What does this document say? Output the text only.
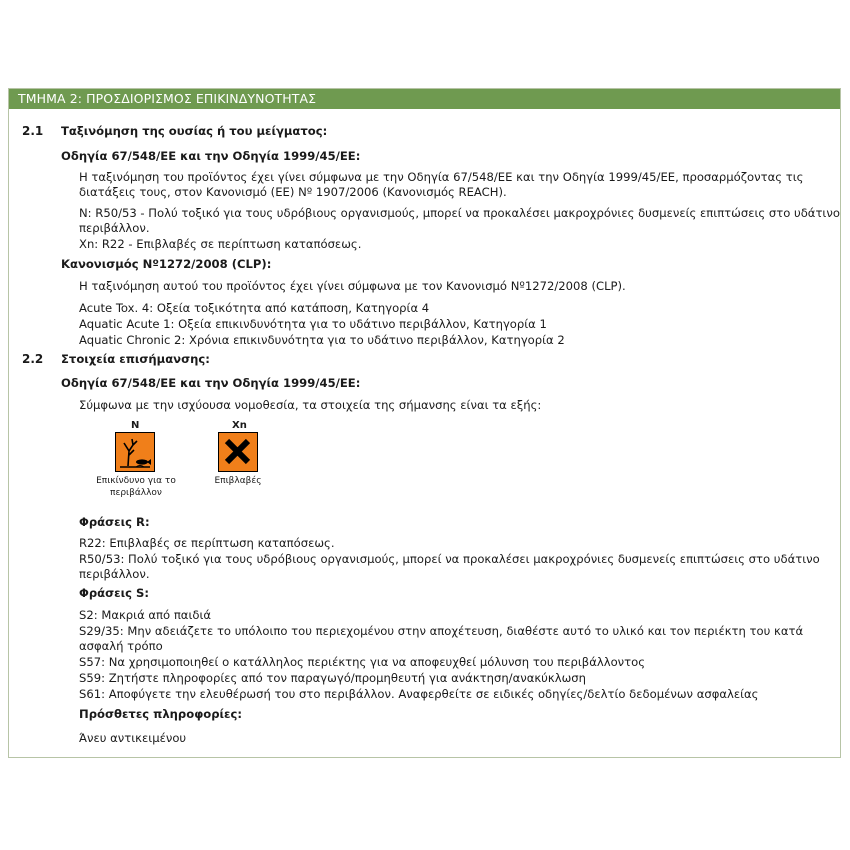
ΤΜΗΜΑ 2: ΠΡΟΣΔΙΟΡΙΣΜΟΣ ΕΠΙΚΙΝΔΥΝΟΤΗΤΑΣ
2.1 Ταξινόμηση της ουσίας ή του μείγματος:
Οδηγία 67/548/ΕΕ και την Οδηγία 1999/45/ΕΕ:
Η ταξινόμηση του προϊόντος έχει γίνει σύμφωνα με την Οδηγία 67/548/ΕΕ και την Οδηγία 1999/45/ΕΕ, προσαρμόζοντας τις
διατάξεις τους, στον Κανονισμό (ΕΕ) Nº 1907/2006 (Κανονισμός REACH).
N: R50/53 - Πολύ τοξικό για τους υδρόβιους οργανισμούς, μπορεί να προκαλέσει μακροχρόνιες δυσμενείς επιπτώσεις στο υδάτινο
περιβάλλον.
Xn: R22 - Επιβλαβές σε περίπτωση καταπόσεως.
Κανονισμός Nº1272/2008 (CLP):
Η ταξινόμηση αυτού του προϊόντος έχει γίνει σύμφωνα με τον Κανονισμό Nº1272/2008 (CLP).
Acute Tox. 4: Οξεία τοξικότητα από κατάποση, Κατηγορία 4
Aquatic Acute 1: Οξεία επικινδυνότητα για το υδάτινο περιβάλλον, Κατηγορία 1
Aquatic Chronic 2: Χρόνια επικινδυνότητα για το υδάτινο περιβάλλον, Κατηγορία 2
2.2 Στοιχεία επισήμανσης:
Οδηγία 67/548/ΕΕ και την Οδηγία 1999/45/ΕΕ:
Σύμφωνα με την ισχύουσα νομοθεσία, τα στοιχεία της σήμανσης είναι τα εξής:
N
Επικίνδυνο για το
περιβάλλον
Xn
Επιβλαβές
Φράσεις R:
R22: Επιβλαβές σε περίπτωση καταπόσεως.
R50/53: Πολύ τοξικό για τους υδρόβιους οργανισμούς, μπορεί να προκαλέσει μακροχρόνιες δυσμενείς επιπτώσεις στο υδάτινο
περιβάλλον.
Φράσεις S:
S2: Μακριά από παιδιά
S29/35: Μην αδειάζετε το υπόλοιπο του περιεχομένου στην αποχέτευση, διαθέστε αυτό το υλικό και τον περιέκτη του κατά
ασφαλή τρόπο
S57: Να χρησιμοποιηθεί ο κατάλληλος περιέκτης για να αποφευχθεί μόλυνση του περιβάλλοντος
S59: Ζητήστε πληροφορίες από τον παραγωγό/προμηθευτή για ανάκτηση/ανακύκλωση
S61: Αποφύγετε την ελευθέρωσή του στο περιβάλλον. Αναφερθείτε σε ειδικές οδηγίες/δελτίο δεδομένων ασφαλείας
Πρόσθετες πληροφορίες:
Άνευ αντικειμένου
